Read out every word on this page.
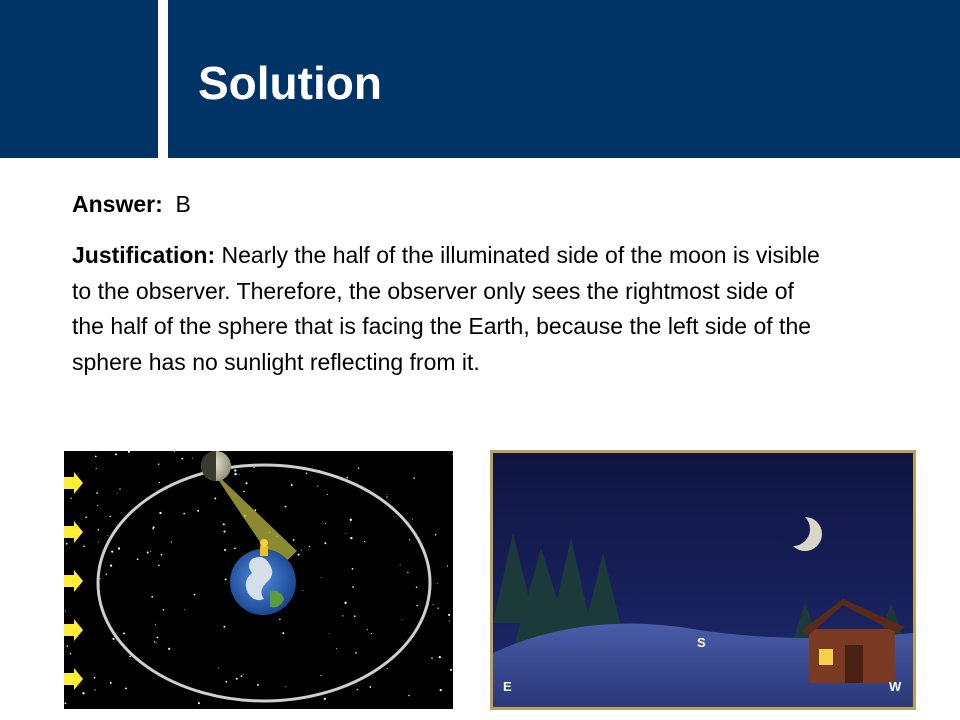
Solution

Answer: B

Justification: Nearly the half of the illuminated side of the moon is visible to the observer. Therefore, the observer only sees the rightmost side of the half of the sphere that is facing the Earth, because the left side of the sphere has no sunlight reflecting from it.

E
S
W
